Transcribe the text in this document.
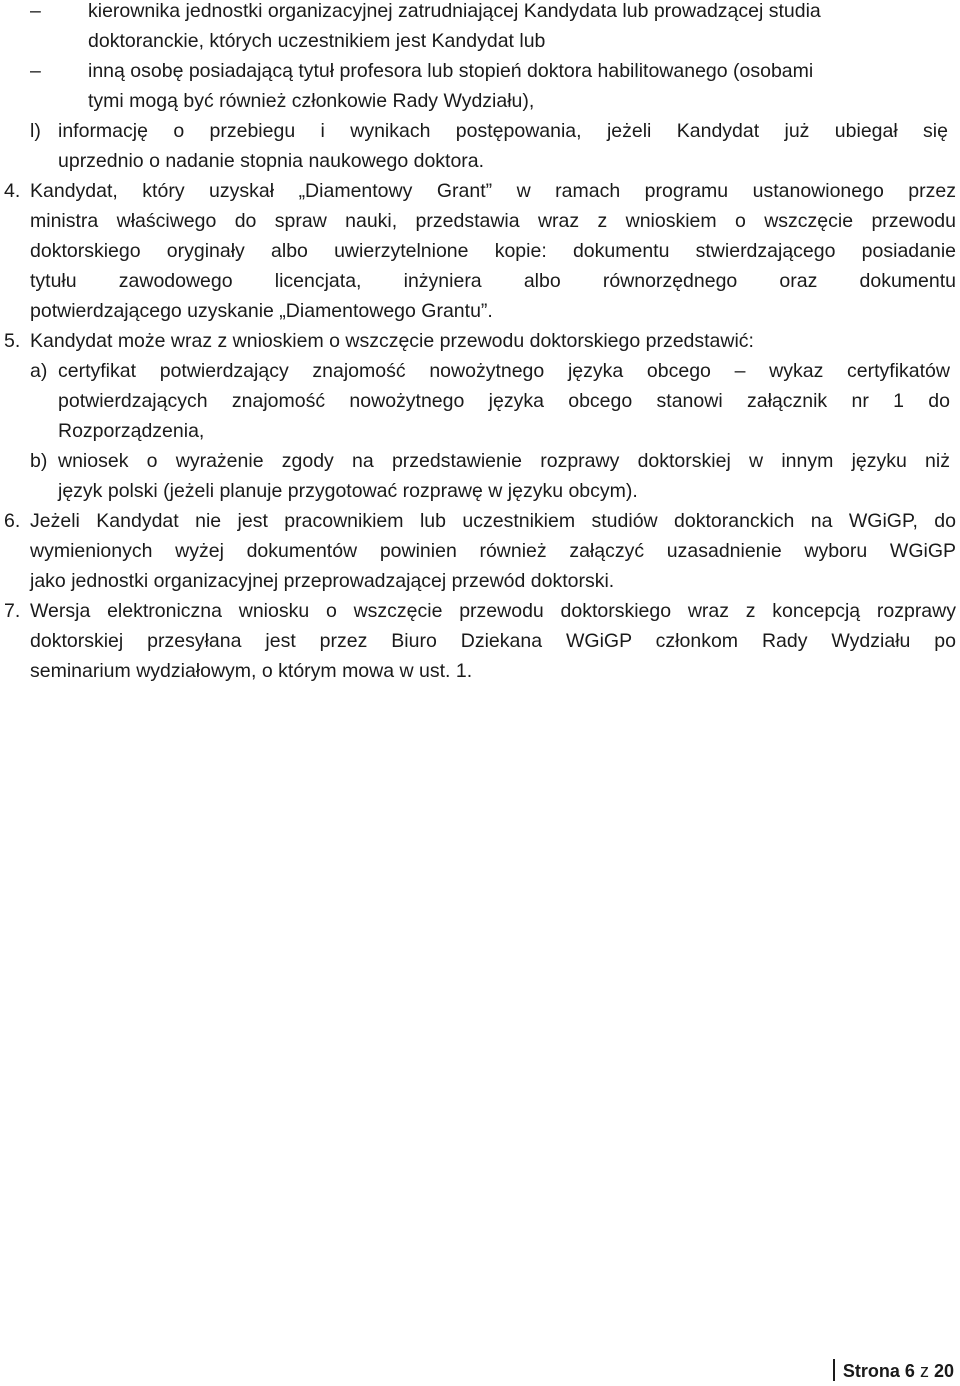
– kierownika jednostki organizacyjnej zatrudniającej Kandydata lub prowadzącej studia
doktoranckie, których uczestnikiem jest Kandydat lub
– inną osobę posiadającą tytuł profesora lub stopień doktora habilitowanego (osobami
tymi mogą być również członkowie Rady Wydziału),
l) informację o przebiegu i wynikach postępowania, jeżeli Kandydat już ubiegał się
uprzednio o nadanie stopnia naukowego doktora.
4. Kandydat, który uzyskał „Diamentowy Grant” w ramach programu ustanowionego przez
ministra właściwego do spraw nauki, przedstawia wraz z wnioskiem o wszczęcie przewodu
doktorskiego oryginały albo uwierzytelnione kopie: dokumentu stwierdzającego posiadanie
tytułu zawodowego licencjata, inżyniera albo równorzędnego oraz dokumentu
potwierdzającego uzyskanie „Diamentowego Grantu”.
5. Kandydat może wraz z wnioskiem o wszczęcie przewodu doktorskiego przedstawić:
a) certyfikat potwierdzający znajomość nowożytnego języka obcego – wykaz certyfikatów
potwierdzających znajomość nowożytnego języka obcego stanowi załącznik nr 1 do
Rozporządzenia,
b) wniosek o wyrażenie zgody na przedstawienie rozprawy doktorskiej w innym języku niż
język polski (jeżeli planuje przygotować rozprawę w języku obcym).
6. Jeżeli Kandydat nie jest pracownikiem lub uczestnikiem studiów doktoranckich na WGiGP, do
wymienionych wyżej dokumentów powinien również załączyć uzasadnienie wyboru WGiGP
jako jednostki organizacyjnej przeprowadzającej przewód doktorski.
7. Wersja elektroniczna wniosku o wszczęcie przewodu doktorskiego wraz z koncepcją rozprawy
doktorskiej przesyłana jest przez Biuro Dziekana WGiGP członkom Rady Wydziału po
seminarium wydziałowym, o którym mowa w ust. 1.
Strona 6 z 20
